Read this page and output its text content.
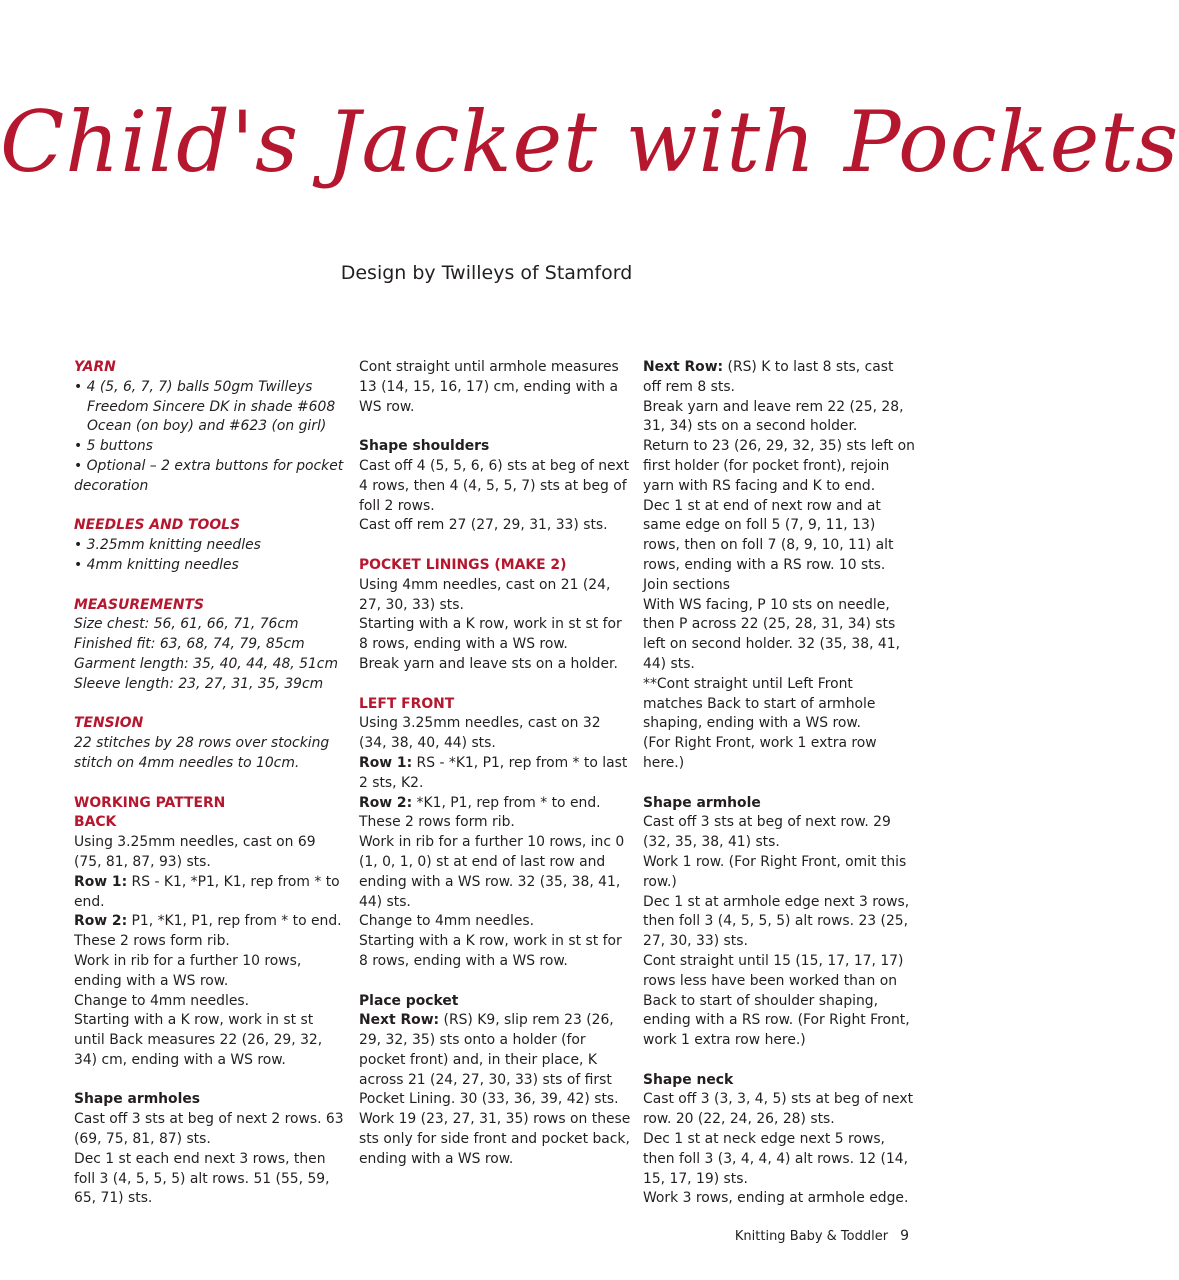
Child's Jacket with Pockets
Design by Twilleys of Stamford

YARN

• 4 (5, 6, 7, 7) balls 50gm Twilleys Freedom Sincere DK in shade #608 Ocean (on boy) and #623 (on girl)

• 5 buttons

• Optional – 2 extra buttons for pocket decoration

NEEDLES AND TOOLS

• 3.25mm knitting needles

• 4mm knitting needles

MEASUREMENTS

Size chest: 56, 61, 66, 71, 76cm

Finished fit: 63, 68, 74, 79, 85cm

Garment length: 35, 40, 44, 48, 51cm

Sleeve length: 23, 27, 31, 35, 39cm

TENSION

22 stitches by 28 rows over stocking stitch on 4mm needles to 10cm.

WORKING PATTERN

BACK

Using 3.25mm needles, cast on 69 (75, 81, 87, 93) sts.

Row 1: RS - K1, *P1, K1, rep from * to end.

Row 2: P1, *K1, P1, rep from * to end.

These 2 rows form rib.

Work in rib for a further 10 rows, ending with a WS row.

Change to 4mm needles.

Starting with a K row, work in st st until Back measures 22 (26, 29, 32, 34) cm, ending with a WS row.

Shape armholes

Cast off 3 sts at beg of next 2 rows. 63 (69, 75, 81, 87) sts.

Dec 1 st each end next 3 rows, then foll 3 (4, 5, 5, 5) alt rows. 51 (55, 59, 65, 71) sts.

Cont straight until armhole measures 13 (14, 15, 16, 17) cm, ending with a WS row.

Shape shoulders

Cast off 4 (5, 5, 6, 6) sts at beg of next 4 rows, then 4 (4, 5, 5, 7) sts at beg of foll 2 rows.

Cast off rem 27 (27, 29, 31, 33) sts.

POCKET LININGS (MAKE 2)

Using 4mm needles, cast on 21 (24, 27, 30, 33) sts.

Starting with a K row, work in st st for 8 rows, ending with a WS row.

Break yarn and leave sts on a holder.

LEFT FRONT

Using 3.25mm needles, cast on 32 (34, 38, 40, 44) sts.

Row 1: RS - *K1, P1, rep from * to last 2 sts, K2.

Row 2: *K1, P1, rep from * to end.

These 2 rows form rib.

Work in rib for a further 10 rows, inc 0 (1, 0, 1, 0) st at end of last row and ending with a WS row. 32 (35, 38, 41, 44) sts.

Change to 4mm needles.

Starting with a K row, work in st st for 8 rows, ending with a WS row.

Place pocket

Next Row: (RS) K9, slip rem 23 (26, 29, 32, 35) sts onto a holder (for pocket front) and, in their place, K across 21 (24, 27, 30, 33) sts of first Pocket Lining. 30 (33, 36, 39, 42) sts.

Work 19 (23, 27, 31, 35) rows on these sts only for side front and pocket back, ending with a WS row.

Next Row: (RS) K to last 8 sts, cast off rem 8 sts.

Break yarn and leave rem 22 (25, 28, 31, 34) sts on a second holder.

Return to 23 (26, 29, 32, 35) sts left on first holder (for pocket front), rejoin yarn with RS facing and K to end.

Dec 1 st at end of next row and at same edge on foll 5 (7, 9, 11, 13) rows, then on foll 7 (8, 9, 10, 11) alt rows, ending with a RS row. 10 sts.

Join sections

With WS facing, P 10 sts on needle, then P across 22 (25, 28, 31, 34) sts left on second holder. 32 (35, 38, 41, 44) sts.

**Cont straight until Left Front matches Back to start of armhole shaping, ending with a WS row.

(For Right Front, work 1 extra row here.)

Shape armhole

Cast off 3 sts at beg of next row. 29 (32, 35, 38, 41) sts.

Work 1 row. (For Right Front, omit this row.)

Dec 1 st at armhole edge next 3 rows, then foll 3 (4, 5, 5, 5) alt rows. 23 (25, 27, 30, 33) sts.

Cont straight until 15 (15, 17, 17, 17) rows less have been worked than on Back to start of shoulder shaping, ending with a RS row. (For Right Front, work 1 extra row here.)

Shape neck

Cast off 3 (3, 3, 4, 5) sts at beg of next row. 20 (22, 24, 26, 28) sts.

Dec 1 st at neck edge next 5 rows, then foll 3 (3, 4, 4, 4) alt rows. 12 (14, 15, 17, 19) sts.

Work 3 rows, ending at armhole edge.

Knitting Baby & Toddler 9
